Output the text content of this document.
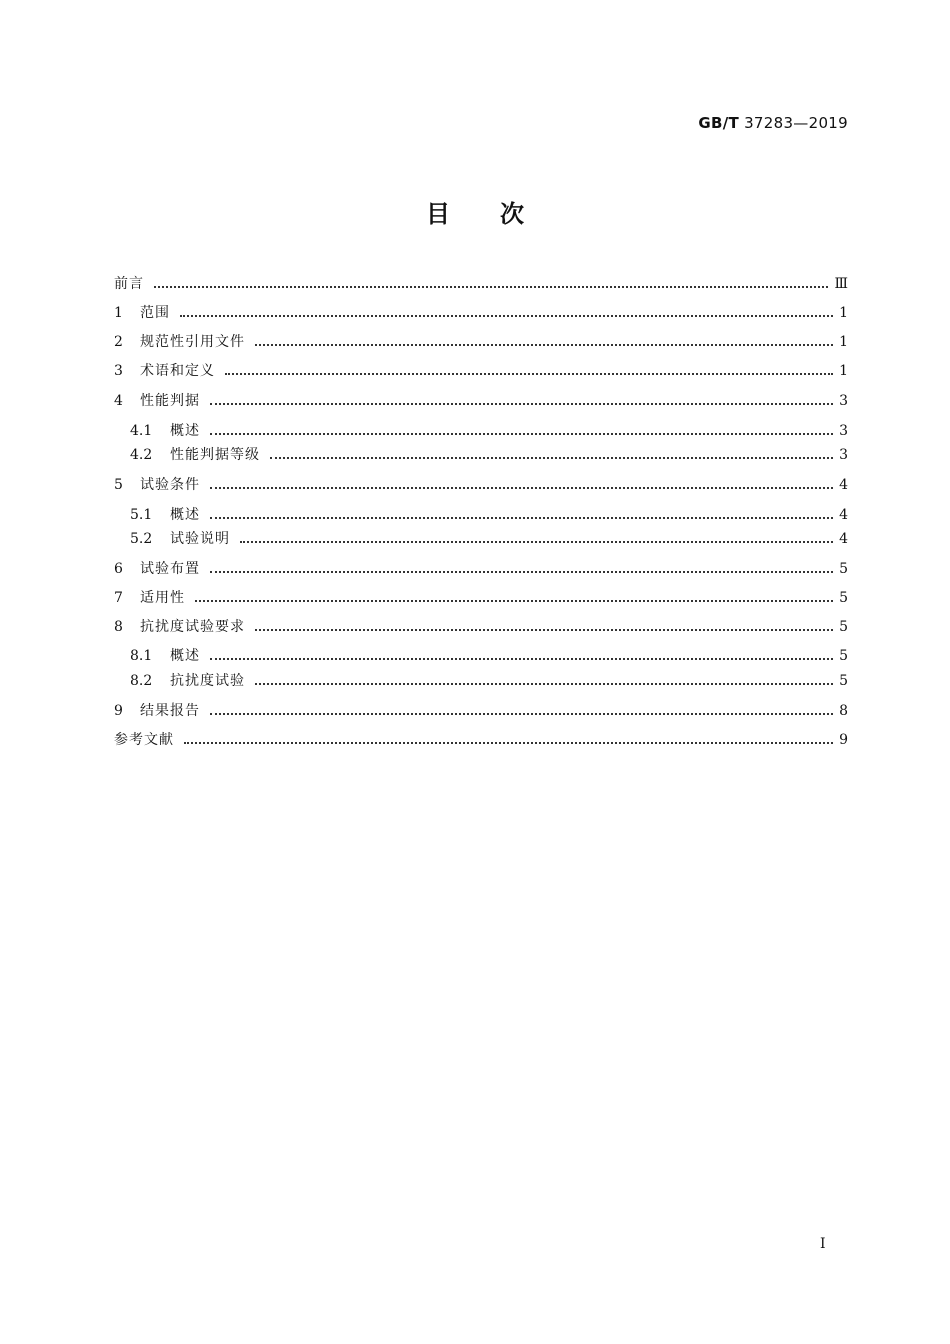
GB/T 37283—2019
目次
前言	Ⅲ
1	范围	1
2	规范性引用文件	1
3	术语和定义	1
4	性能判据	3
4.1	概述	3
4.2	性能判据等级	3
5	试验条件	4
5.1	概述	4
5.2	试验说明	4
6	试验布置	5
7	适用性	5
8	抗扰度试验要求	5
8.1	概述	5
8.2	抗扰度试验	5
9	结果报告	8
参考文献	9
I
